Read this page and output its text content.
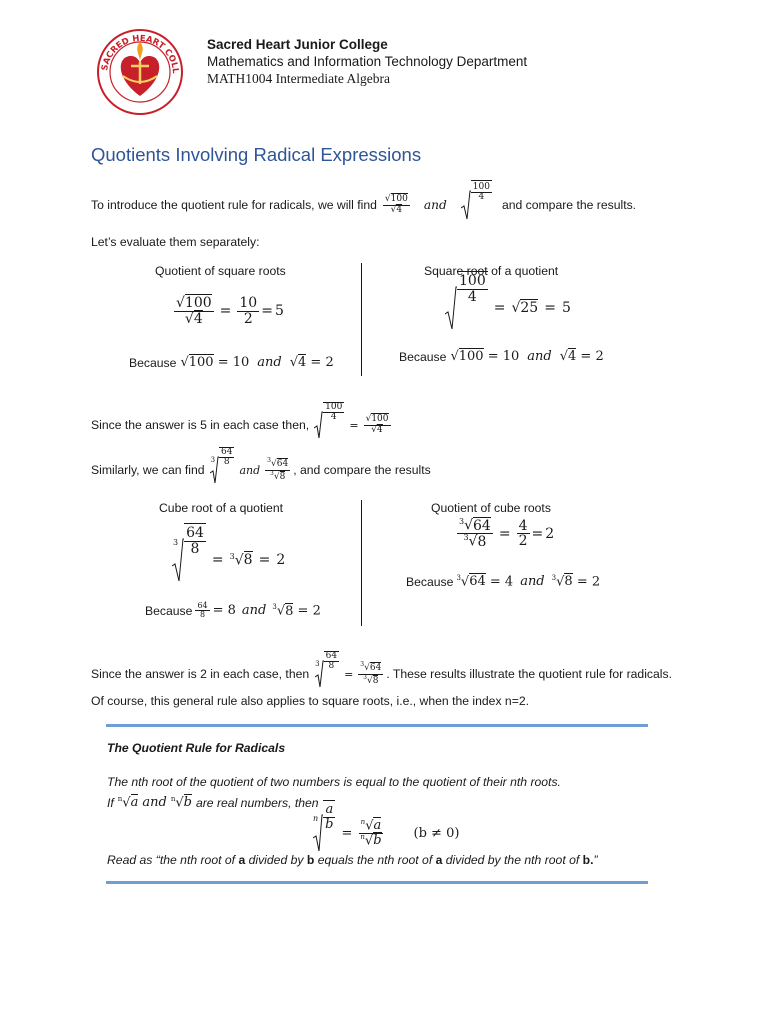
SACRED HEART COLL
Sacred Heart Junior College
Mathematics and Information Technology Department
MATH1004 Intermediate Algebra
Quotients Involving Radical Expressions
To introduce the quotient rule for radicals, we will find $\frac{√100}{√4}$ and
$\frac{100}{4}$
and compare the results.
Let’s evaluate them separately:
Quotient of square roots	Square root of a quotient
$\frac{√100}{√4} = \frac{10}{2} = 5$
Because √100 = 10 and √4 = 2
$\frac{100}{4}$
= √25 = 5
Because √100 = 10 and √4 = 2
Since the answer is 5 in each case then,
$\frac{100}{4}$
= $\frac{√100}{√4}$
Similarly, we can find
$3 \frac{64}{8}$
and $\frac{^3√64}{^3√8}$ , and compare the results
Cube root of a quotient	Quotient of cube roots
$3 \frac{64}{8}$
= $^3$√8 = 2
Because $\frac{64}{8} = 8$ and $^3$√8 = 2
$\frac{^3√64}{^3√8} = \frac{4}{2} = 2$
Because $^3$√64 = 4 and $^3$√8 = 2
Since the answer is 2 in each case, then
$3 \frac{64}{8}$
= $\frac{^3√64}{^3√8}$ . These results illustrate the quotient rule for radicals.
Of course, this general rule also applies to square roots, i.e., when the index n=2.
The Quotient Rule for Radicals
The nth root of the quotient of two numbers is equal to the quotient of their nth roots.
If $^n$√a and $^n$√b are real numbers, then
n $\frac{a}{b}$
= $\frac{^n√a}{^n√b} (b \ne 0)$
Read as “the nth root of a divided by b equals the nth root of a divided by the nth root of b.”
